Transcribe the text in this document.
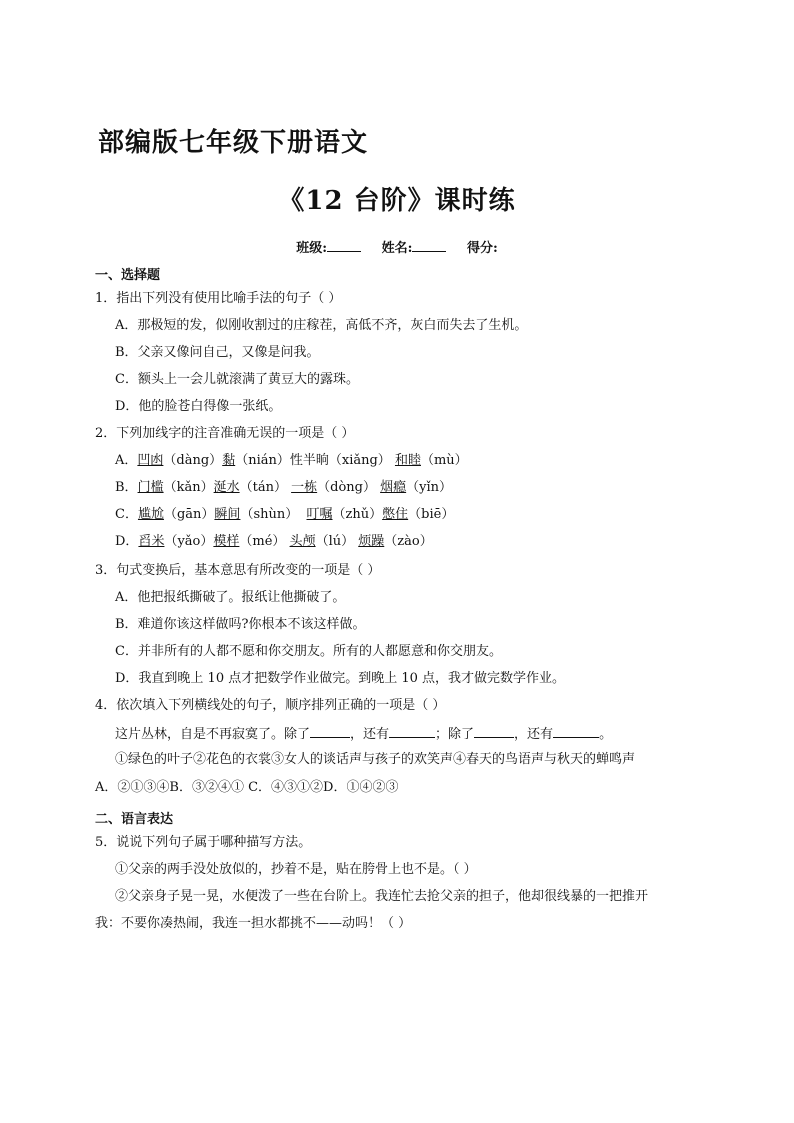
部编版七年级下册语文
《12 台阶》课时练
班级:	姓名:	得分:
一、选择题
1．指出下列没有使用比喻手法的句子（ ）
A．那极短的发，似刚收割过的庄稼茬，高低不齐，灰白而失去了生机。
B．父亲又像问自己，又像是问我。
C．额头上一会儿就滚满了黄豆大的露珠。
D．他的脸苍白得像一张纸。
2．下列加线字的注音准确无误的一项是（ ）
A．凹凼（dàng）黏（nián）性半晌（xiǎng） 和睦（mù）
B．门槛（kǎn）涎水（tán） 一栋（dòng） 烟瘾（yǐn）
C．尴尬（gān）瞬间（shùn） 叮嘱（zhǔ）憋住（biē）
D．舀米（yǎo）模样（mé） 头颅（lú） 烦躁（zào）
3．句式变换后，基本意思有所改变的一项是（ ）
A．他把报纸撕破了。报纸让他撕破了。
B．难道你该这样做吗?你根本不该这样做。
C．并非所有的人都不愿和你交朋友。所有的人都愿意和你交朋友。
D．我直到晚上 10 点才把数学作业做完。到晚上 10 点，我才做完数学作业。
4．依次填入下列横线处的句子，顺序排列正确的一项是（ ）
这片丛林，自是不再寂寞了。除了	，还有	；除了	，还有	。
①绿色的叶子②花色的衣裳③女人的谈话声与孩子的欢笑声④春天的鸟语声与秋天的蝉鸣声
A．②①③④B．③②④① C．④③①②D．①④②③
二、语言表达
5．说说下列句子属于哪种描写方法。
①父亲的两手没处放似的，抄着不是，贴在胯骨上也不是。（ ）
②父亲身子晃一晃，水便泼了一些在台阶上。我连忙去抢父亲的担子，他却很线暴的一把推开
我：不要你凑热闹，我连一担水都挑不——动吗！（ ）
